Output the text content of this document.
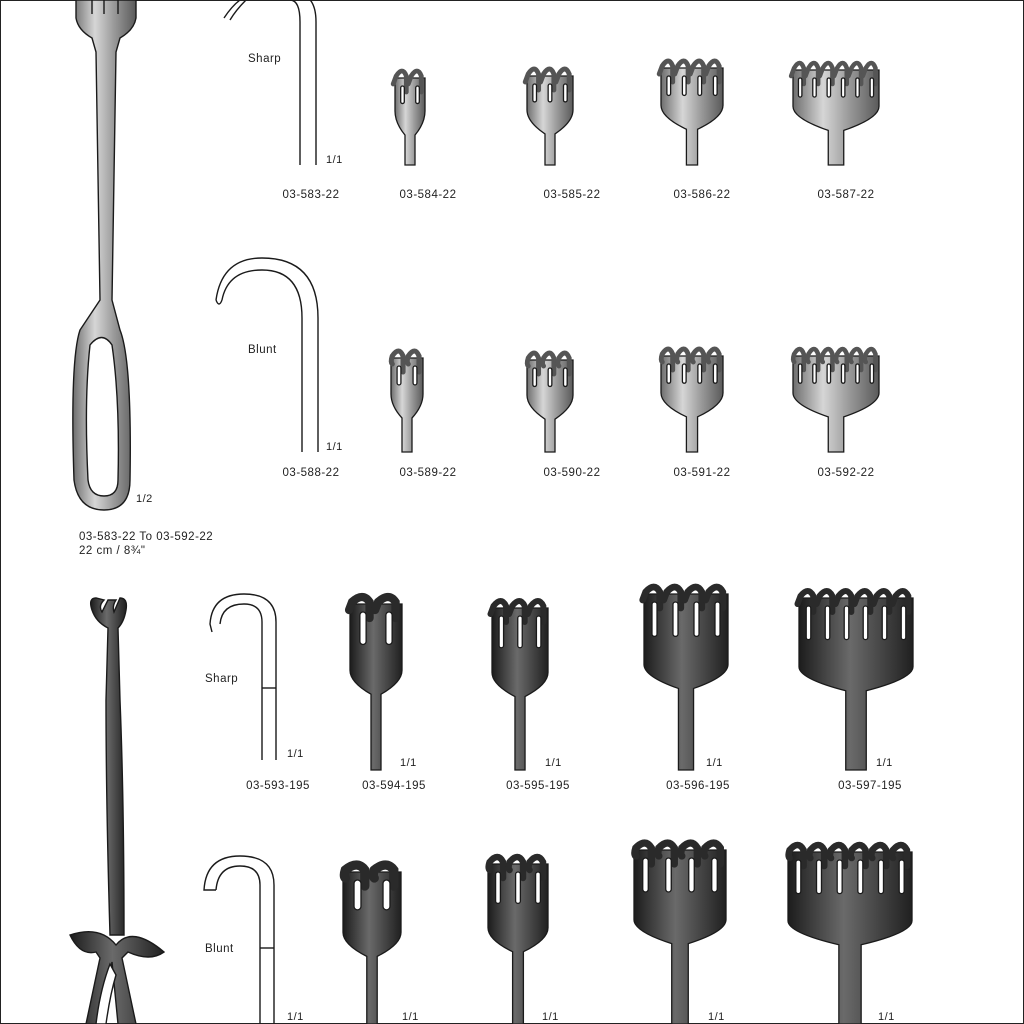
Sharp
Blunt
1/1
1/1
1/2
03-583-22	03-584-22	03-585-22	03-586-22	03-587-22
03-588-22	03-589-22	03-590-22	03-591-22	03-592-22
03-583-22 To 03-592-22
22 cm / 8¾"
Sharp
Blunt
1/1
1/1	1/1	1/1	1/1
03-593-195	03-594-195	03-595-195	03-596-195	03-597-195
1/1	1/1	1/1	1/1	1/1
